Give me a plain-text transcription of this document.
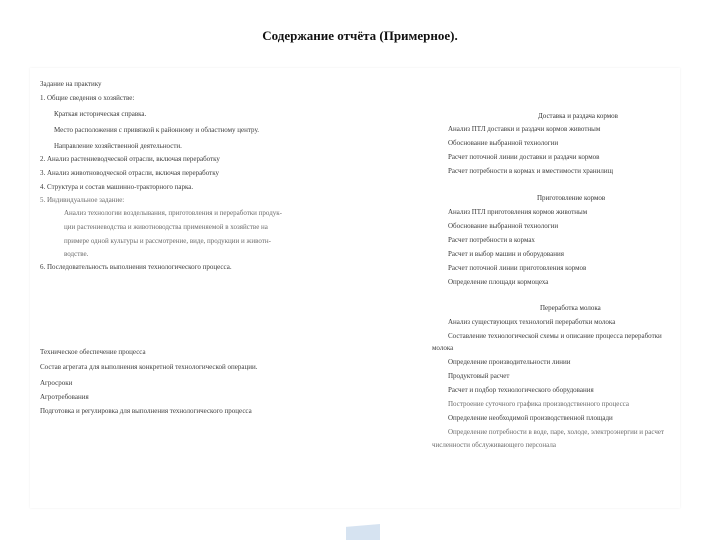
Содержание отчёта (Примерное).
Задание на практику
1. Общие сведения о хозяйстве:
Краткая историческая справка.
Место расположения с привязкой к районному и областному центру.
Направление хозяйственной деятельности.
2. Анализ растениеводческой отрасли, включая переработку
3. Анализ животноводческой отрасли, включая переработку
4. Структура и состав машинно-тракторного парка.
5. Индивидуальное задание:
Анализ технологии возделывания, приготовления и переработки продук-
ции растениеводства и животноводства применяемой в хозяйстве на
примере одной культуры и рассмотрение, виде, продукции и животн-
водстве.
6. Последовательность выполнения технологического процесса.
Техническое обеспечение процесса
Состав агрегата для выполнения конкретной технологической операции.
Агросроки
Агротребования
Подготовка и регулировка для выполнения технологического процесса
Доставка и раздача кормов
Анализ ПТЛ доставки и раздачи кормов животным
Обоснование выбранной технологии
Расчет поточной линии доставки и раздачи кормов
Расчет потребности в кормах и вместимости хранилищ
Приготовление кормов
Анализ ПТЛ приготовления кормов животным
Обоснование выбранной технологии
Расчет потребности в кормах
Расчет и выбор машин и оборудования
Расчет поточной линии приготовления кормов
Определение площади кормоцеха
Переработка молока
Анализ существующих технологий переработки молока
Составление технологической схемы и описание процесса переработки
молока
Определение производительности линии
Продуктовый расчет
Расчет и подбор технологического оборудования
Построение суточного графика производственного процесса
Определение необходимой производственной площади
Определение потребности в воде, паре, холоде, электроэнергии и расчет
численности обслуживающего персонала
